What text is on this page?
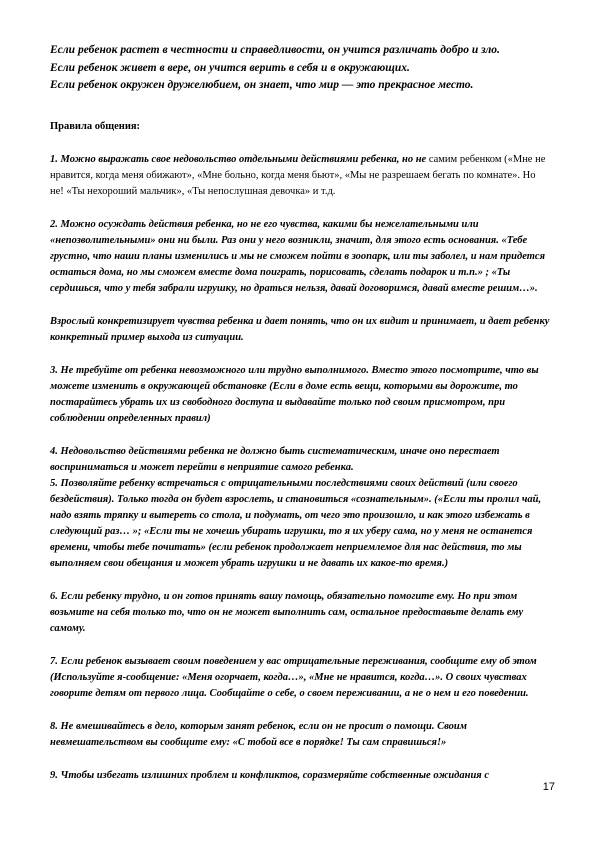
Если ребенок растет в честности и справедливости, он учится различать добро и зло.

Если ребенок живет в вере, он учится верить в себя и в окружающих.

Если ребенок окружен дружелюбием, он знает, что мир — это прекрасное место.

Правила общения:

1. Можно выражать свое недовольство отдельными действиями ребенка, но не самим ребенком («Мне не нравится, когда меня обижают», «Мне больно, когда меня бьют», «Мы не разрешаем бегать по комнате». Но не! «Ты нехороший мальчик», «Ты непослушная девочка» и т.д.

2. Можно осуждать действия ребенка, но не его чувства, какими бы нежелательными или «непозволительными» они ни были. Раз они у него возникли, значит, для этого есть основания. «Тебе грустно, что наши планы изменились и мы не сможем пойти в зоопарк, или ты заболел, и нам придется остаться дома, но мы сможем вместе дома поиграть, порисовать, сделать подарок и т.п.» ; «Ты сердишься, что у тебя забрали игрушку, но драться нельзя, давай договоримся, давай вместе решим…».

Взрослый конкретизирует чувства ребенка и дает понять, что он их видит и принимает, и дает ребенку конкретный пример выхода из ситуации.

3. Не требуйте от ребенка невозможного или трудно выполнимого. Вместо этого посмотрите, что вы можете изменить в окружающей обстановке (Если в доме есть вещи, которыми вы дорожите, то постарайтесь убрать их из свободного доступа и выдавайте только под своим присмотром, при соблюдении определенных правил)

4. Недовольство действиями ребенка не должно быть систематическим, иначе оно перестает восприниматься и может перейти в неприятие самого ребенка.

5. Позволяйте ребенку встречаться с отрицательными последствиями своих действий (или своего бездействия). Только тогда он будет взрослеть, и становиться «сознательным». («Если ты пролил чай, надо взять тряпку и вытереть со стола, и подумать, от чего это произошло, и как этого избежать в следующий раз… »; «Если ты не хочешь убирать игрушки, то я их уберу сама, но у меня не останется времени, чтобы тебе почитать» (если ребенок продолжает неприемлемое для нас действия, то мы выполняем свои обещания и может убрать игрушки и не давать их какое-то время.)

6. Если ребенку трудно, и он готов принять вашу помощь, обязательно помогите ему. Но при этом возьмите на себя только то, что он не может выполнить сам, остальное предоставьте делать ему самому.

7. Если ребенок вызывает своим поведением у вас отрицательные переживания, сообщите ему об этом (Используйте я-сообщение: «Меня огорчает, когда…», «Мне не нравится, когда…». О своих чувствах говорите детям от первого лица. Сообщайте о себе, о своем переживании, а не о нем и его поведении.

8. Не вмешивайтесь в дело, которым занят ребенок, если он не просит о помощи. Своим невмешательством вы сообщите ему: «С тобой все в порядке! Ты сам справишься!»

9. Чтобы избегать излишних проблем и конфликтов, соразмеряйте собственные ожидания с

17
